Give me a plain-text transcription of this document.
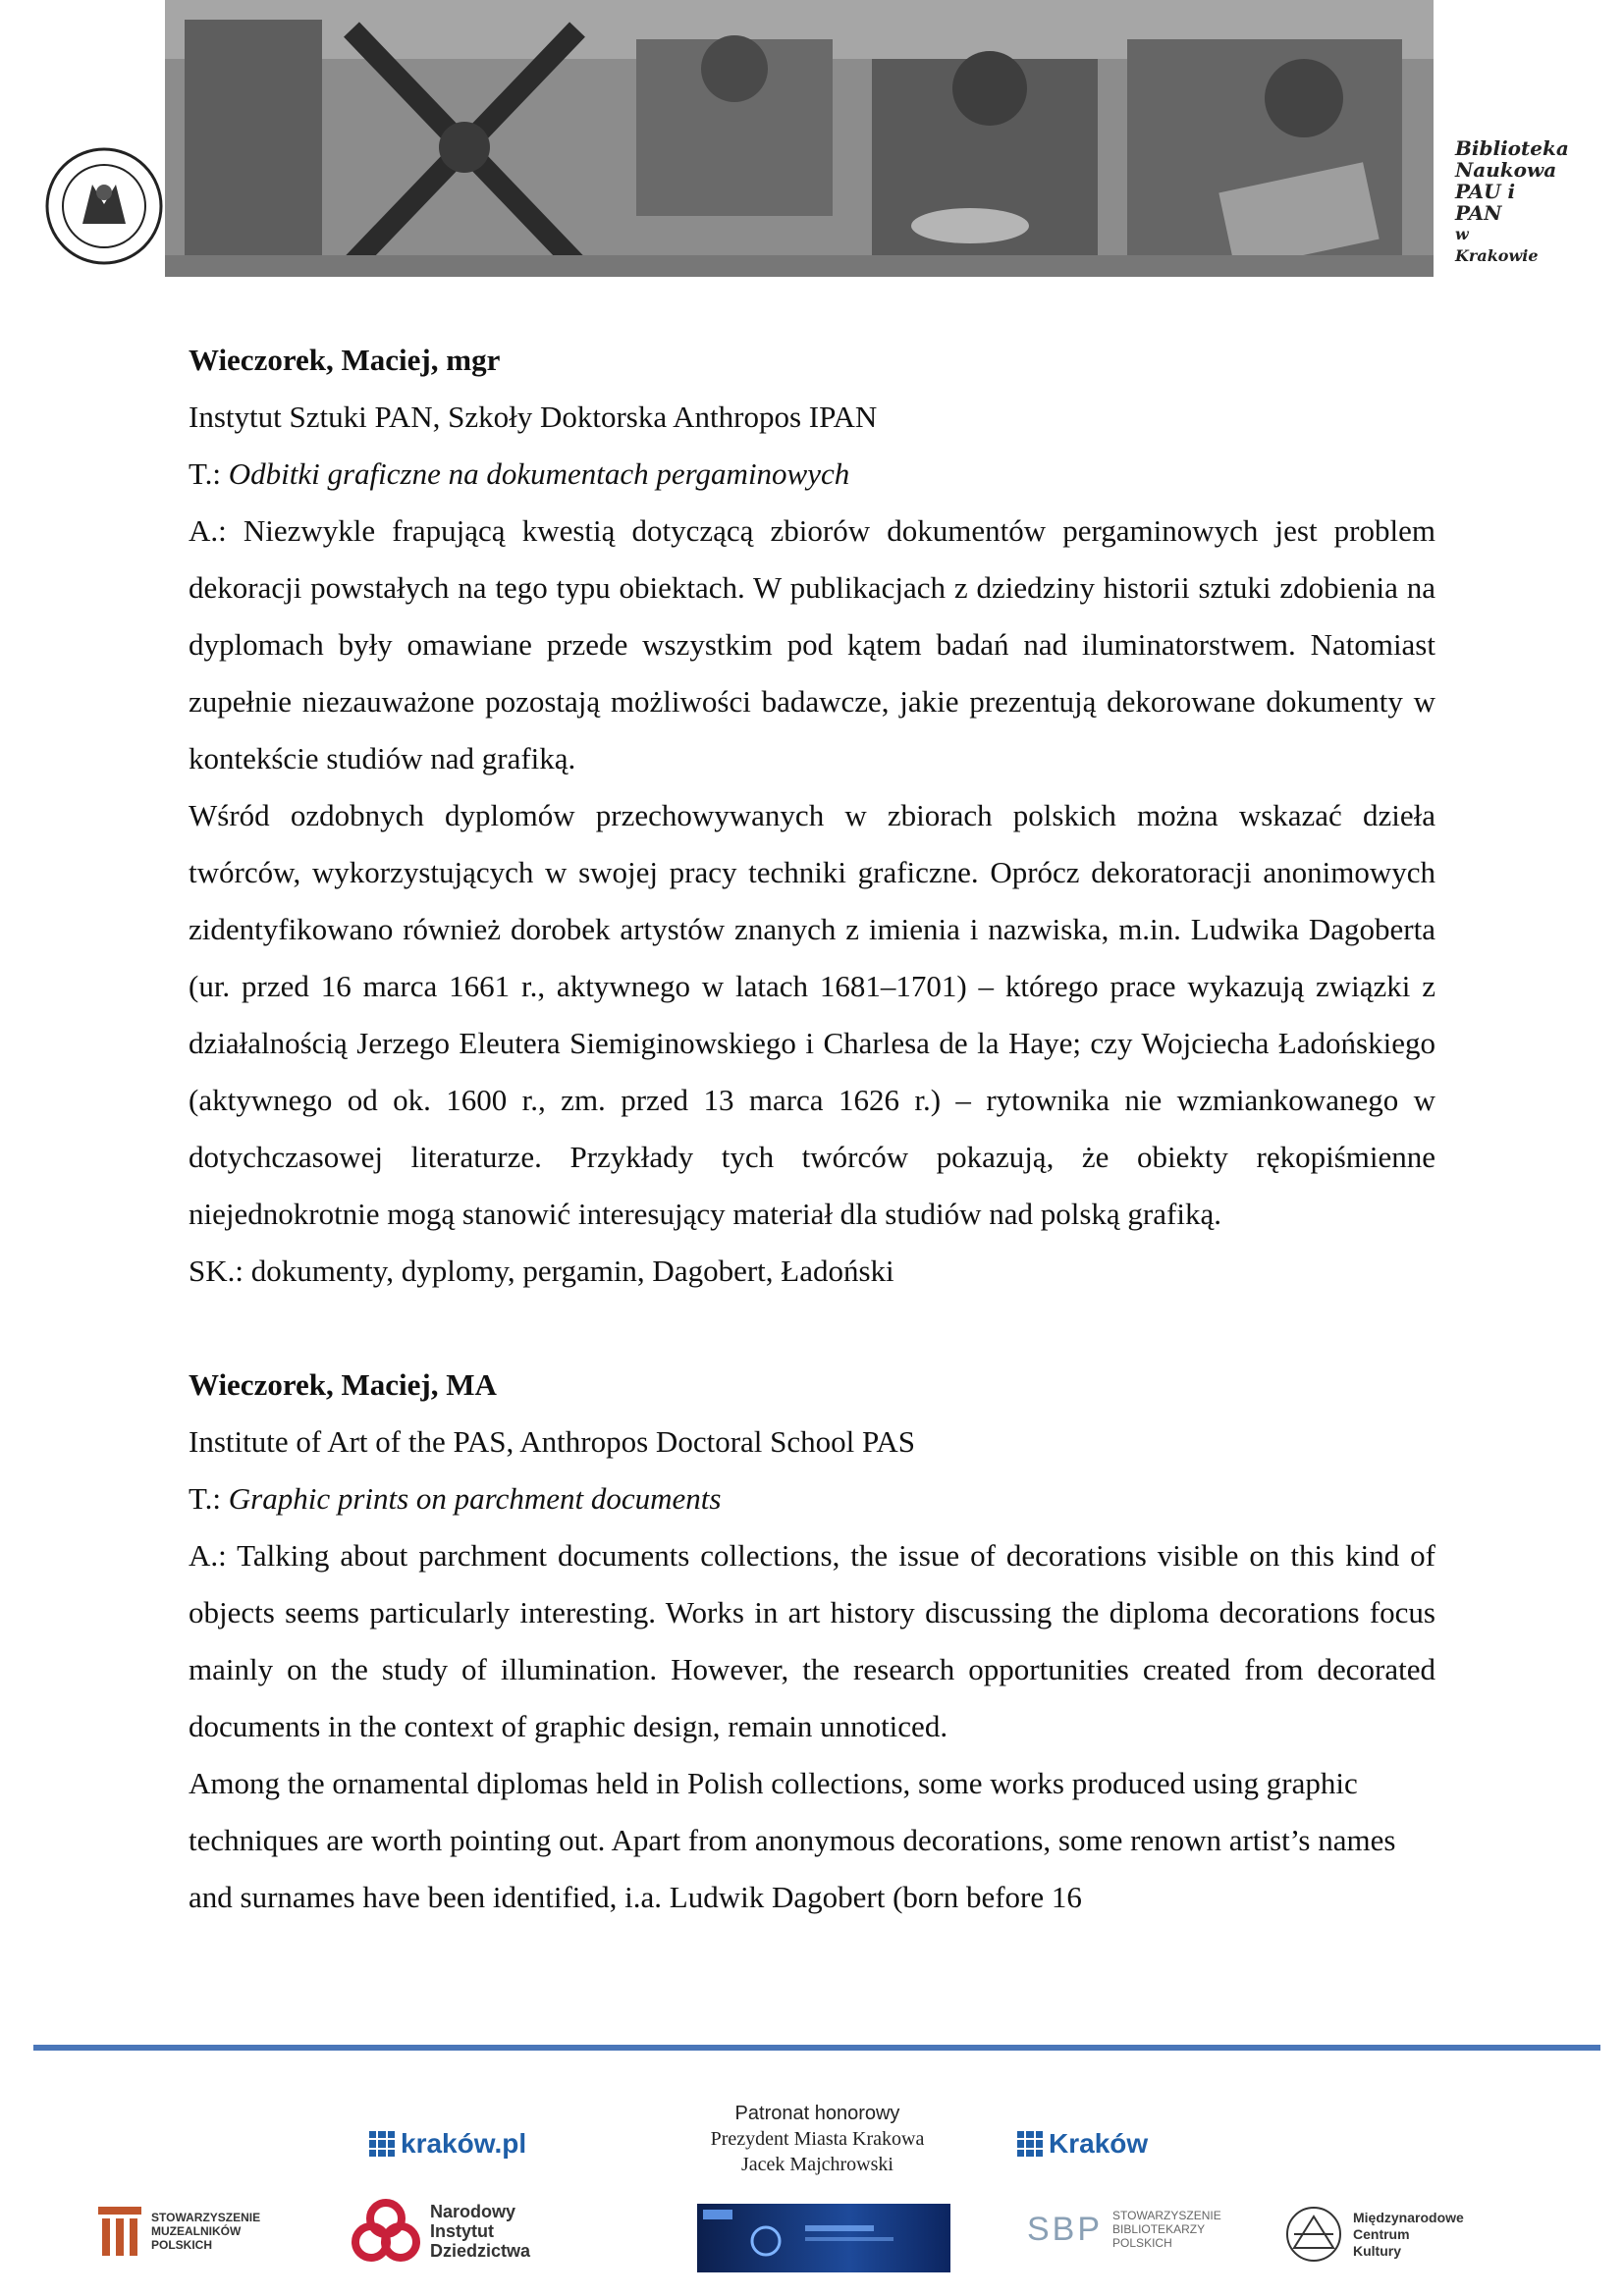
Biblioteka
Naukowa
PAU i PAN
w Krakowie

Wieczorek, Maciej, mgr

Instytut Sztuki PAN, Szkoły Doktorska Anthropos IPAN

T.: Odbitki graficzne na dokumentach pergaminowych

A.: Niezwykle frapującą kwestią dotyczącą zbiorów dokumentów pergaminowych jest problem dekoracji powstałych na tego typu obiektach. W publikacjach z dziedziny historii sztuki zdobienia na dyplomach były omawiane przede wszystkim pod kątem badań nad iluminatorstwem. Natomiast zupełnie niezauważone pozostają możliwości badawcze, jakie prezentują dekorowane dokumenty w kontekście studiów nad grafiką.

Wśród ozdobnych dyplomów przechowywanych w zbiorach polskich można wskazać dzieła twórców, wykorzystujących w swojej pracy techniki graficzne. Oprócz dekoratoracji anonimowych zidentyfikowano również dorobek artystów znanych z imienia i nazwiska, m.in. Ludwika Dagoberta (ur. przed 16 marca 1661 r., aktywnego w latach 1681–1701) – którego prace wykazują związki z działalnością Jerzego Eleutera Siemiginowskiego i Charlesa de la Haye; czy Wojciecha Ładońskiego (aktywnego od ok. 1600 r., zm. przed 13 marca 1626 r.) – rytownika nie wzmiankowanego w dotychczasowej literaturze. Przykłady tych twórców pokazują, że obiekty rękopiśmienne niejednokrotnie mogą stanowić interesujący materiał dla studiów nad polską grafiką.

SK.: dokumenty, dyplomy, pergamin, Dagobert, Ładoński

Wieczorek, Maciej, MA

Institute of Art of the PAS, Anthropos Doctoral School PAS

T.: Graphic prints on parchment documents

A.: Talking about parchment documents collections, the issue of decorations visible on this kind of objects seems particularly interesting. Works in art history discussing the diploma decorations focus mainly on the study of illumination. However, the research opportunities created from decorated documents in the context of graphic design, remain unnoticed.

Among the ornamental diplomas held in Polish collections, some works produced using graphic techniques are worth pointing out. Apart from anonymous decorations, some renown artist’s names and surnames have been identified, i.a. Ludwik Dagobert (born before 16

Patronat honorowy
Prezydent Miasta Krakowa
Jacek Majchrowski
kraków.pl	Kraków
STOWARZYSZENIE
MUZEALNIKÓW
POLSKICH
Narodowy
Instytut
Dziedzictwa
SBP STOWARZYSZENIE
BIBLIOTEKARZY
POLSKICH
Międzynarodowe
Centrum
Kultury
